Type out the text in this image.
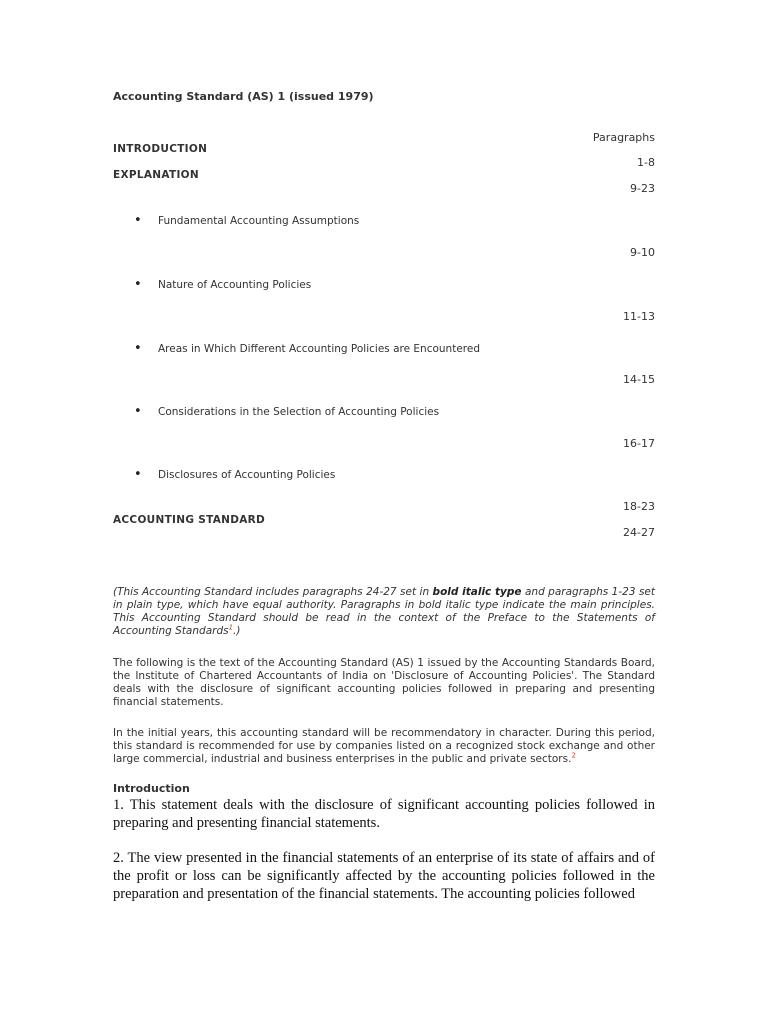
Accounting Standard (AS) 1 (issued 1979)
Paragraphs
INTRODUCTION
1-8
EXPLANATION
9-23
• Fundamental Accounting Assumptions
9-10
• Nature of Accounting Policies
11-13
• Areas in Which Different Accounting Policies are Encountered
14-15
• Considerations in the Selection of Accounting Policies
16-17
• Disclosures of Accounting Policies
18-23
ACCOUNTING STANDARD
24-27
(This Accounting Standard includes paragraphs 24-27 set in bold italic type and paragraphs 1-23 set in plain type, which have equal authority. Paragraphs in bold italic type indicate the main principles. This Accounting Standard should be read in the context of the Preface to the Statements of Accounting Standards$^1$.)
The following is the text of the Accounting Standard (AS) 1 issued by the Accounting Standards Board, the Institute of Chartered Accountants of India on 'Disclosure of Accounting Policies'. The Standard deals with the disclosure of significant accounting policies followed in preparing and presenting financial statements.
In the initial years, this accounting standard will be recommendatory in character. During this period, this standard is recommended for use by companies listed on a recognized stock exchange and other large commercial, industrial and business enterprises in the public and private sectors.$^2$
Introduction
1. This statement deals with the disclosure of significant accounting policies followed in preparing and presenting financial statements.
2. The view presented in the financial statements of an enterprise of its state of affairs and of the profit or loss can be significantly affected by the accounting policies followed in the preparation and presentation of the financial statements. The accounting policies followed
